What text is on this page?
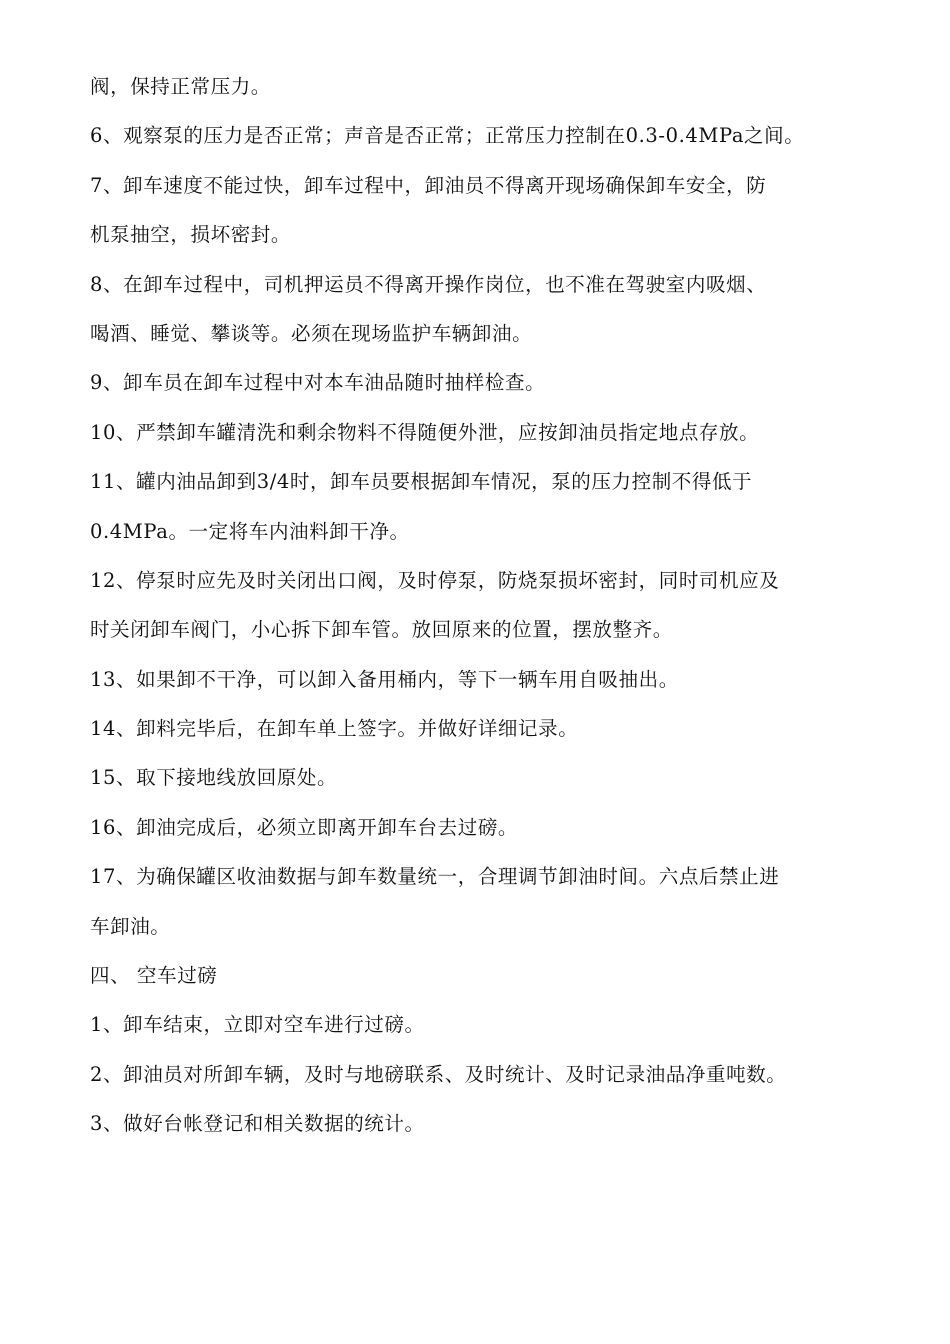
阀，保持正常压力。
6、观察泵的压力是否正常；声音是否正常；正常压力控制在0.3-0.4MPa之间。
7、卸车速度不能过快，卸车过程中，卸油员不得离开现场确保卸车安全，防
机泵抽空，损坏密封。
8、在卸车过程中，司机押运员不得离开操作岗位，也不准在驾驶室内吸烟、
喝酒、睡觉、攀谈等。必须在现场监护车辆卸油。
9、卸车员在卸车过程中对本车油品随时抽样检查。
10、严禁卸车罐清洗和剩余物料不得随便外泄，应按卸油员指定地点存放。
11、罐内油品卸到3/4时，卸车员要根据卸车情况，泵的压力控制不得低于
0.4MPa。一定将车内油料卸干净。
12、停泵时应先及时关闭出口阀，及时停泵，防烧泵损坏密封，同时司机应及
时关闭卸车阀门，小心拆下卸车管。放回原来的位置，摆放整齐。
13、如果卸不干净，可以卸入备用桶内，等下一辆车用自吸抽出。
14、卸料完毕后，在卸车单上签字。并做好详细记录。
15、取下接地线放回原处。
16、卸油完成后，必须立即离开卸车台去过磅。
17、为确保罐区收油数据与卸车数量统一，合理调节卸油时间。六点后禁止进
车卸油。
四、 空车过磅
1、卸车结束，立即对空车进行过磅。
2、卸油员对所卸车辆，及时与地磅联系、及时统计、及时记录油品净重吨数。
3、做好台帐登记和相关数据的统计。
